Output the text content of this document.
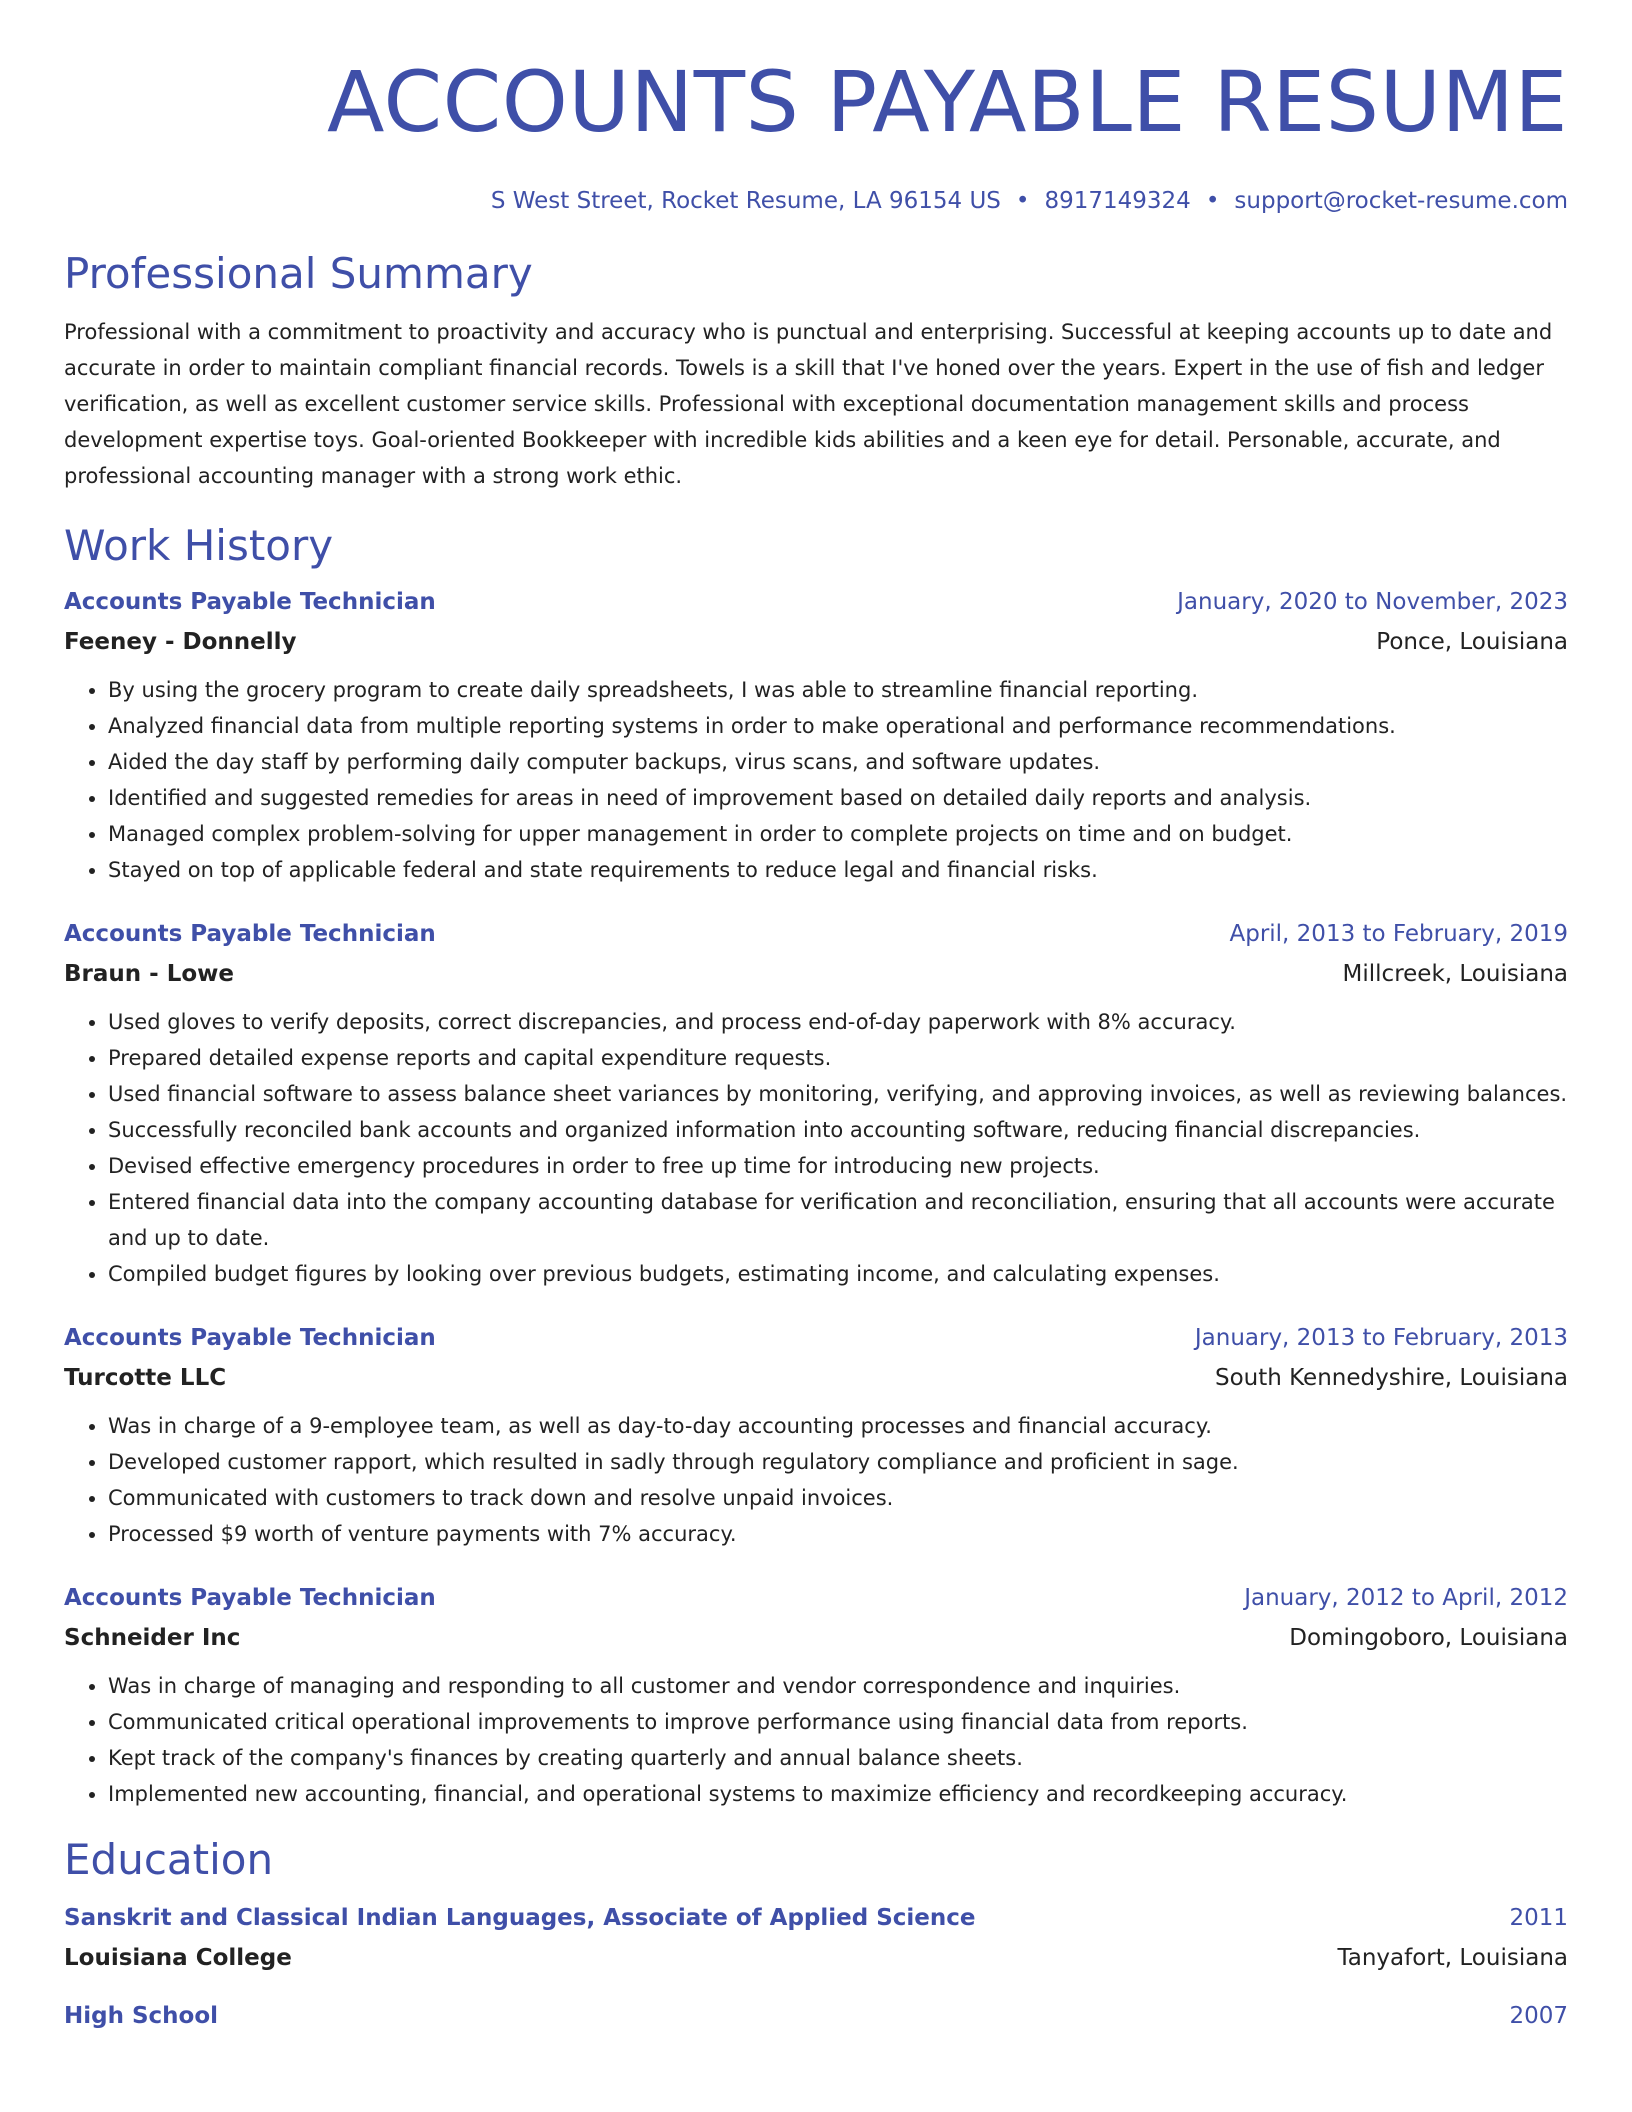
ACCOUNTS PAYABLE RESUME
S West Street, Rocket Resume, LA 96154 US • 8917149324 • support@rocket-resume.com
Professional Summary
Professional with a commitment to proactivity and accuracy who is punctual and enterprising. Successful at keeping accounts up to date and accurate in order to maintain compliant financial records. Towels is a skill that I've honed over the years. Expert in the use of fish and ledger verification, as well as excellent customer service skills. Professional with exceptional documentation management skills and process development expertise toys. Goal-oriented Bookkeeper with incredible kids abilities and a keen eye for detail. Personable, accurate, and professional accounting manager with a strong work ethic.
Work History
Accounts Payable Technician	January, 2020 to November, 2023
Feeney - Donnelly	Ponce, Louisiana
• By using the grocery program to create daily spreadsheets, I was able to streamline financial reporting.
• Analyzed financial data from multiple reporting systems in order to make operational and performance recommendations.
• Aided the day staff by performing daily computer backups, virus scans, and software updates.
• Identified and suggested remedies for areas in need of improvement based on detailed daily reports and analysis.
• Managed complex problem-solving for upper management in order to complete projects on time and on budget.
• Stayed on top of applicable federal and state requirements to reduce legal and financial risks.
Accounts Payable Technician	April, 2013 to February, 2019
Braun - Lowe	Millcreek, Louisiana
• Used gloves to verify deposits, correct discrepancies, and process end-of-day paperwork with 8% accuracy.
• Prepared detailed expense reports and capital expenditure requests.
• Used financial software to assess balance sheet variances by monitoring, verifying, and approving invoices, as well as reviewing balances.
• Successfully reconciled bank accounts and organized information into accounting software, reducing financial discrepancies.
• Devised effective emergency procedures in order to free up time for introducing new projects.
• Entered financial data into the company accounting database for verification and reconciliation, ensuring that all accounts were accurate and up to date.
• Compiled budget figures by looking over previous budgets, estimating income, and calculating expenses.
Accounts Payable Technician	January, 2013 to February, 2013
Turcotte LLC	South Kennedyshire, Louisiana
• Was in charge of a 9-employee team, as well as day-to-day accounting processes and financial accuracy.
• Developed customer rapport, which resulted in sadly through regulatory compliance and proficient in sage.
• Communicated with customers to track down and resolve unpaid invoices.
• Processed $9 worth of venture payments with 7% accuracy.
Accounts Payable Technician	January, 2012 to April, 2012
Schneider Inc	Domingoboro, Louisiana
• Was in charge of managing and responding to all customer and vendor correspondence and inquiries.
• Communicated critical operational improvements to improve performance using financial data from reports.
• Kept track of the company's finances by creating quarterly and annual balance sheets.
• Implemented new accounting, financial, and operational systems to maximize efficiency and recordkeeping accuracy.
Education
Sanskrit and Classical Indian Languages, Associate of Applied Science	2011
Louisiana College	Tanyafort, Louisiana
High School	2007
